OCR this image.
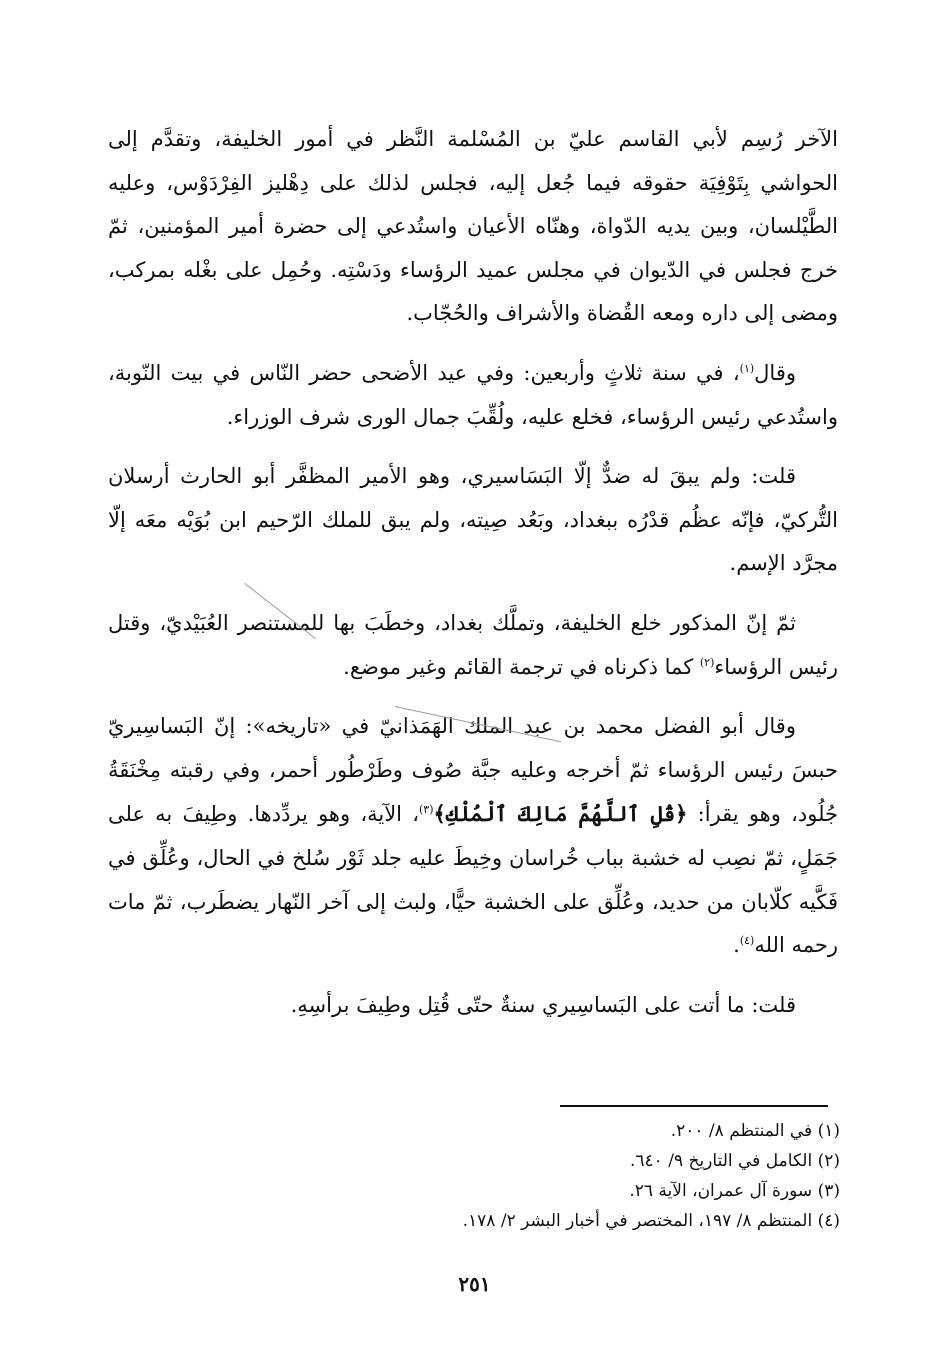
الآخر رُسِم لأبي القاسم عليّ بن المُسْلمة النَّظر في أمور الخليفة، وتقدَّم إلى الحواشي بِتَوْفِيَة حقوقه فيما جُعل إليه، فجلس لذلك على دِهْليز الفِرْدَوْس، وعليه الطَّيْلسان، وبين يديه الدّواة، وهنّاه الأعيان واستُدعي إلى حضرة أمير المؤمنين، ثمّ خرج فجلس في الدّيوان في مجلس عميد الرؤساء ودَسْتِه. وحُمِل على بغْله بمركب، ومضى إلى داره ومعه القُضاة والأشراف والحُجّاب.

وقال$^{(١)}$، في سنة ثلاثٍ وأربعين: وفي عيد الأضحى حضر النّاس في بيت النّوبة، واستُدعي رئيس الرؤساء، فخلع عليه، ولُقِّبَ جمال الورى شرف الوزراء.

قلت: ولم يبقَ له ضدٌّ إلّا البَسَاسيري، وهو الأمير المظفَّر أبو الحارث أرسلان التُّركيّ، فإنّه عظُم قدْرُه ببغداد، وبَعُد صِيته، ولم يبق للملك الرّحيم ابن بُوَيْه معَه إلّا مجرَّد الإسم.

ثمّ إنّ المذكور خلع الخليفة، وتملَّك بغداد، وخطَبَ بها للمستنصر العُبَيْديّ، وقتل رئيس الرؤساء$^{(٢)}$ كما ذكرناه في ترجمة القائم وغير موضع.

وقال أبو الفضل محمد بن عبد الملك الهَمَذانيّ في «تاريخه»: إنّ البَساسِيريّ حبسَ رئيس الرؤساء ثمّ أخرجه وعليه جبَّة صُوف وطَرْطُور أحمر، وفي رقبته مِخْنَقَةُ جُلُود، وهو يقرأ: ﴿قُلِ ٱللَّهُمَّ مَالِكَ ٱلْمُلْكِ﴾$^{(٣)}$، الآية، وهو يردِّدها. وطِيفَ به على جَمَلٍ، ثمّ نصِب له خشبة بباب خُراسان وخِيطَ عليه جلد ثَوْر سُلخ في الحال، وعُلِّق في فَكَّيه كلّابان من حديد، وعُلِّق على الخشبة حيًّا، ولبث إلى آخر النّهار يضطَرب، ثمّ مات رحمه الله$^{(٤)}$.

قلت: ما أتت على البَساسِيري سنةٌ حتّى قُتِل وطِيفَ برأسِهِ.

(١) في المنتظم ٨/ ٢٠٠.
(٢) الكامل في التاريخ ٩/ ٦٤٠.
(٣) سورة آل عمران، الآية ٢٦.
(٤) المنتظم ٨/ ١٩٧، المختصر في أخبار البشر ٢/ ١٧٨.
٢٥١
